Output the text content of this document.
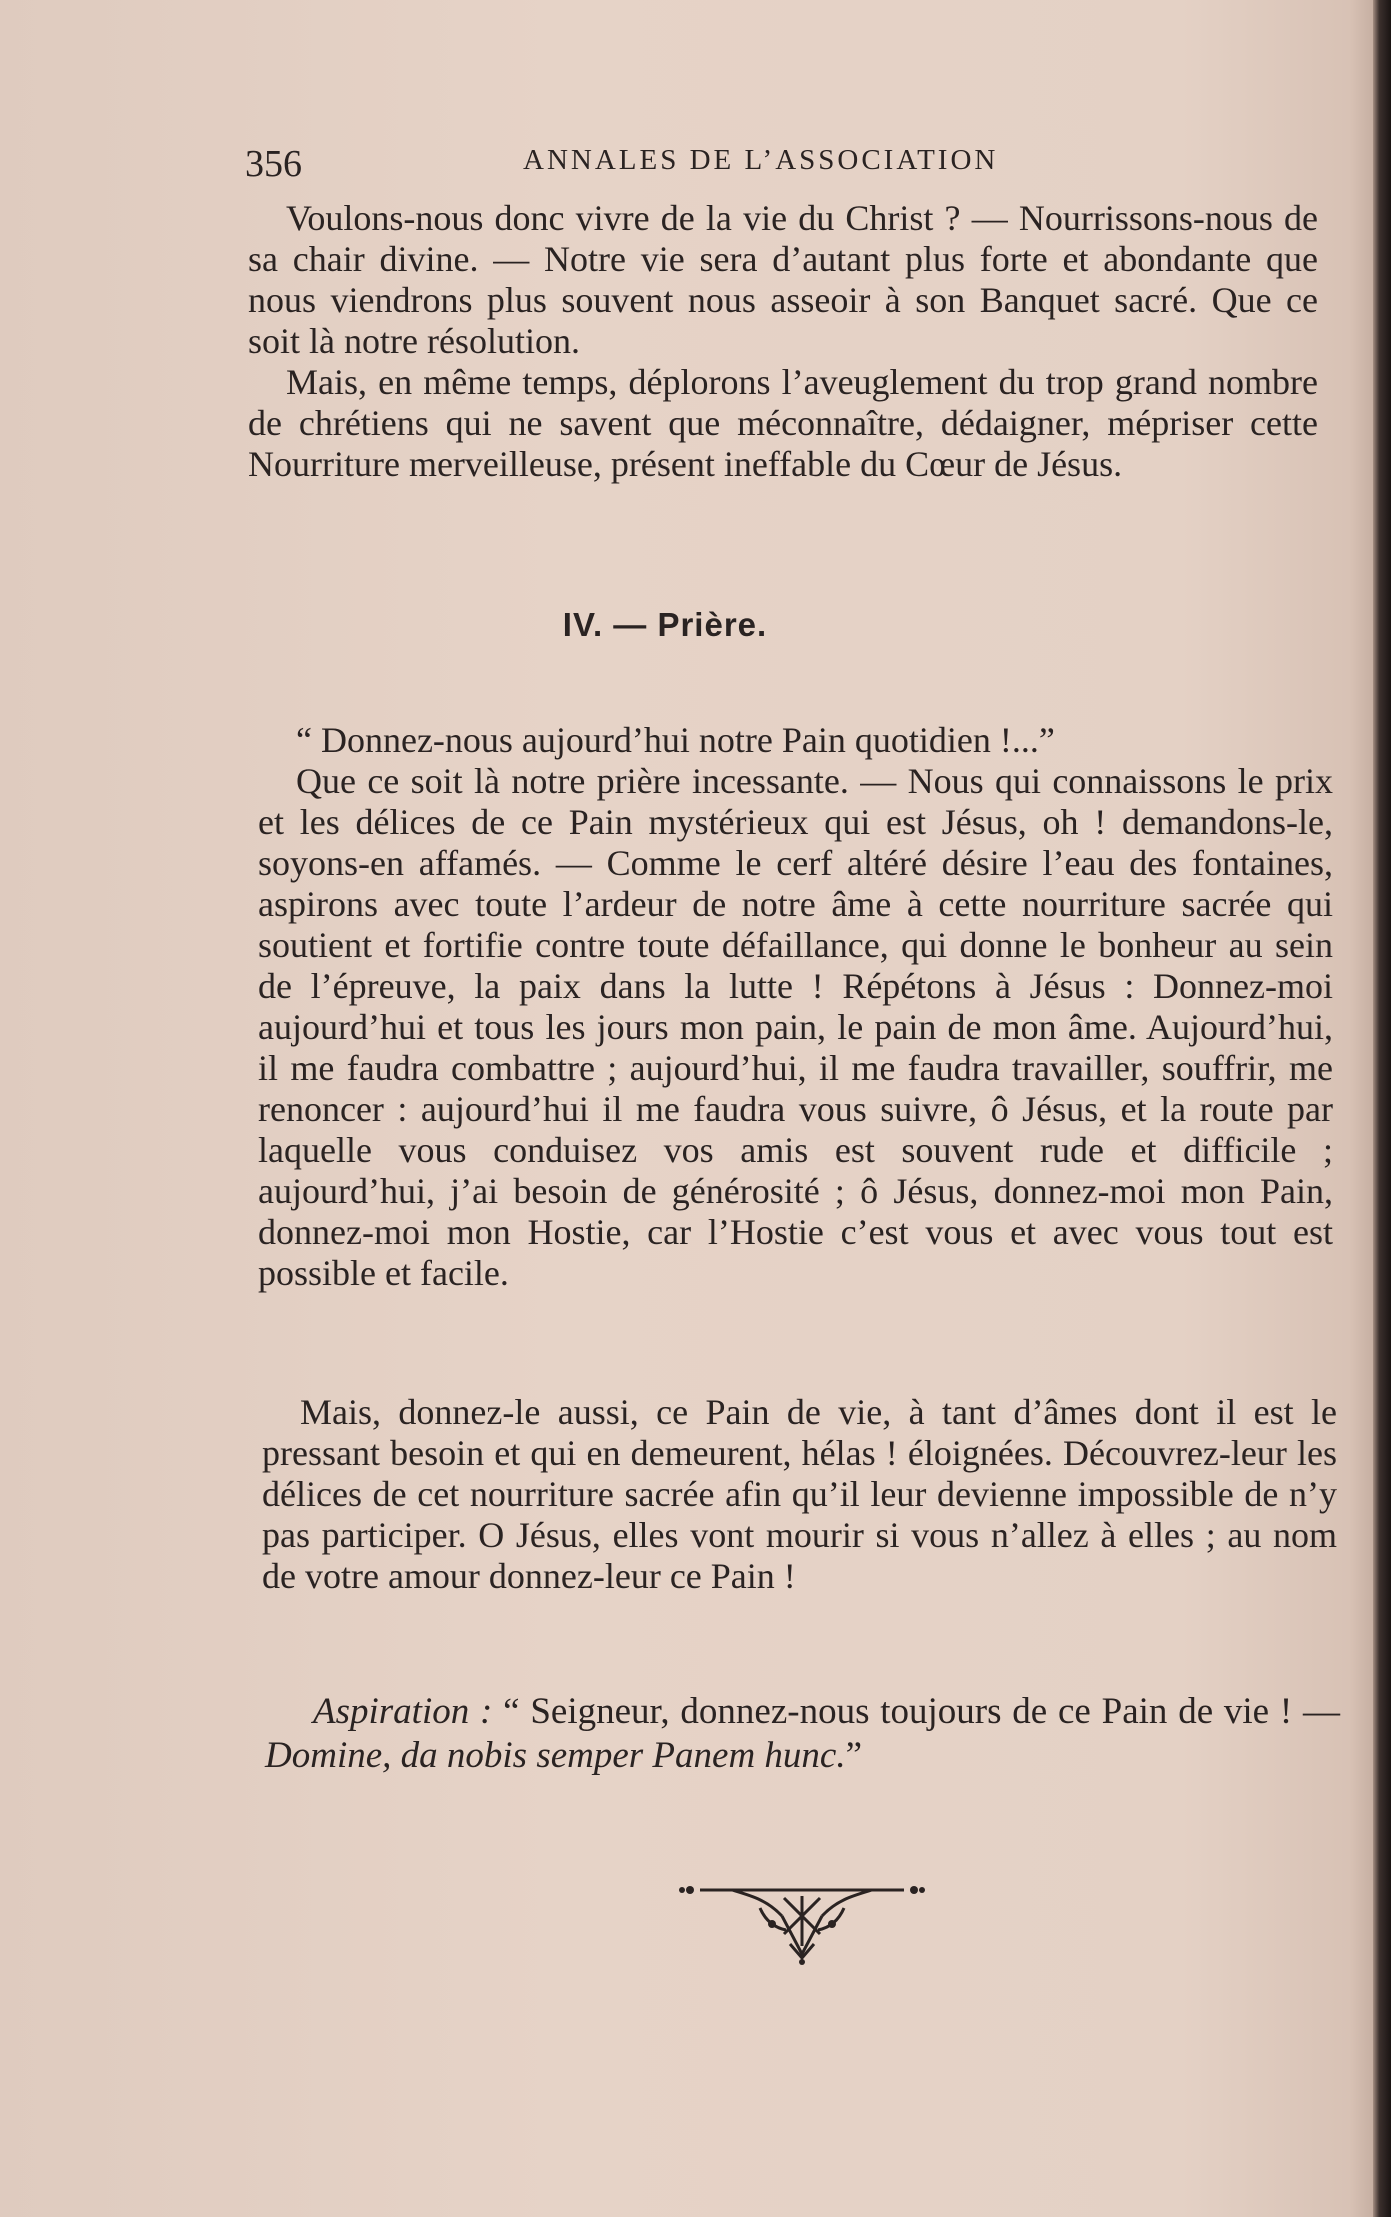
356	ANNALES DE L’ASSOCIATION

Voulons-nous donc vivre de la vie du Christ ? — Nourrissons-nous de sa chair divine. — Notre vie sera d’autant plus forte et abondante que nous viendrons plus souvent nous asseoir à son Banquet sacré. Que ce soit là notre résolution.

Mais, en même temps, déplorons l’aveuglement du trop grand nombre de chrétiens qui ne savent que méconnaître, dédaigner, mépriser cette Nourriture merveilleuse, présent ineffable du Cœur de Jésus.

IV. — Prière.

“ Donnez-nous aujourd’hui notre Pain quotidien !...”

Que ce soit là notre prière incessante. — Nous qui connaissons le prix et les délices de ce Pain mystérieux qui est Jésus, oh ! demandons-le, soyons-en affamés. — Comme le cerf altéré désire l’eau des fontaines, aspirons avec toute l’ardeur de notre âme à cette nourriture sacrée qui soutient et fortifie contre toute défaillance, qui donne le bonheur au sein de l’épreuve, la paix dans la lutte ! Répétons à Jésus : Donnez-moi aujourd’hui et tous les jours mon pain, le pain de mon âme. Aujourd’hui, il me faudra combattre ; aujourd’hui, il me faudra travailler, souffrir, me renoncer : aujourd’hui il me faudra vous suivre, ô Jésus, et la route par laquelle vous conduisez vos amis est souvent rude et difficile ; aujourd’hui, j’ai besoin de générosité ; ô Jésus, donnez-moi mon Pain, donnez-moi mon Hostie, car l’Hostie c’est vous et avec vous tout est possible et facile.

Mais, donnez-le aussi, ce Pain de vie, à tant d’âmes dont il est le pressant besoin et qui en demeurent, hélas ! éloignées. Découvrez-leur les délices de cet nourriture sacrée afin qu’il leur devienne impossible de n’y pas participer. O Jésus, elles vont mourir si vous n’allez à elles ; au nom de votre amour donnez-leur ce Pain !

Aspiration : “ Seigneur, donnez-nous toujours de ce Pain de vie ! — Domine, da nobis semper Panem hunc.”
